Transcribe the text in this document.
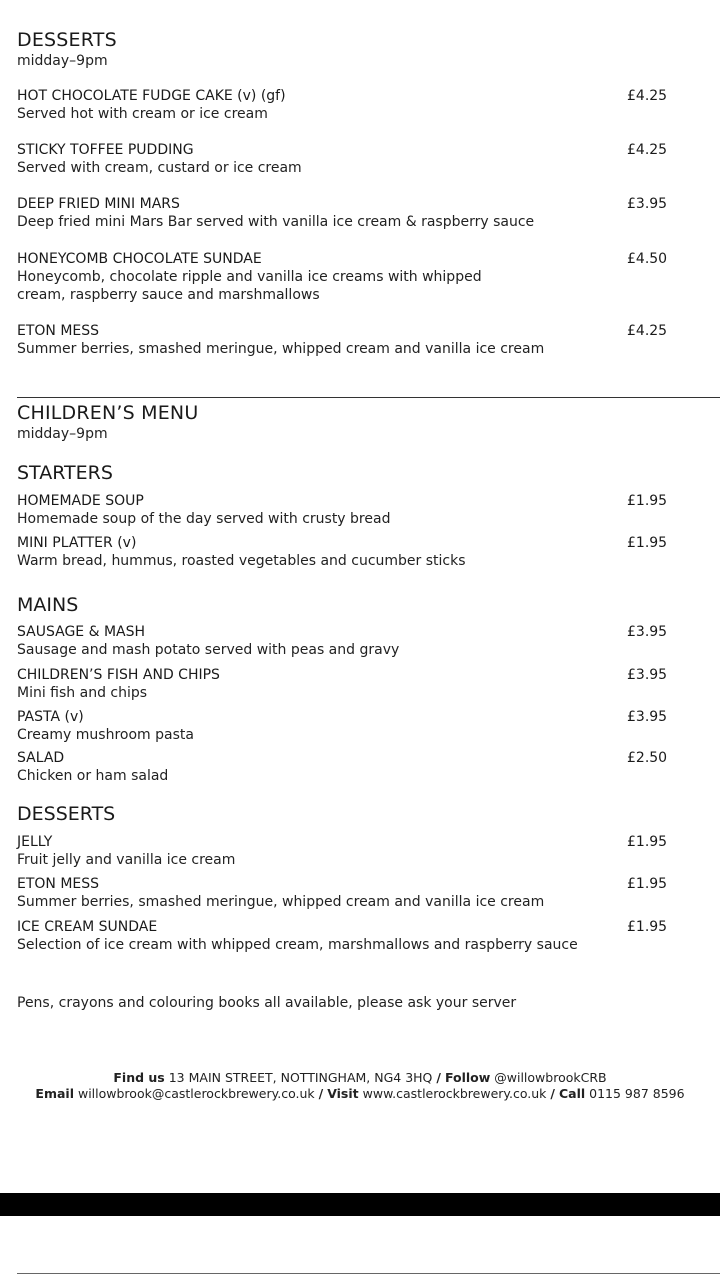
DESSERTS
midday–9pm
HOT CHOCOLATE FUDGE CAKE (v) (gf)
Served hot with cream or ice cream
£4.25
STICKY TOFFEE PUDDING
Served with cream, custard or ice cream
£4.25
DEEP FRIED MINI MARS
Deep fried mini Mars Bar served with vanilla ice cream & raspberry sauce
£3.95
HONEYCOMB CHOCOLATE SUNDAE
Honeycomb, chocolate ripple and vanilla ice creams with whipped cream, raspberry sauce and marshmallows
£4.50
ETON MESS
Summer berries, smashed meringue, whipped cream and vanilla ice cream
£4.25
CHILDREN’S MENU
midday–9pm
STARTERS
HOMEMADE SOUP
Homemade soup of the day served with crusty bread
£1.95
MINI PLATTER (v)
Warm bread, hummus, roasted vegetables and cucumber sticks
£1.95
MAINS
SAUSAGE & MASH
Sausage and mash potato served with peas and gravy
£3.95
CHILDREN’S FISH AND CHIPS
Mini fish and chips
£3.95
PASTA (v)
Creamy mushroom pasta
£3.95
SALAD
Chicken or ham salad
£2.50
DESSERTS
JELLY
Fruit jelly and vanilla ice cream
£1.95
ETON MESS
Summer berries, smashed meringue, whipped cream and vanilla ice cream
£1.95
ICE CREAM SUNDAE
Selection of ice cream with whipped cream, marshmallows and raspberry sauce
£1.95
Pens, crayons and colouring books all available, please ask your server
Find us 13 MAIN STREET, NOTTINGHAM, NG4 3HQ / Follow @willowbrookCRB
Email willowbrook@castlerockbrewery.co.uk / Visit www.castlerockbrewery.co.uk / Call 0115 987 8596
